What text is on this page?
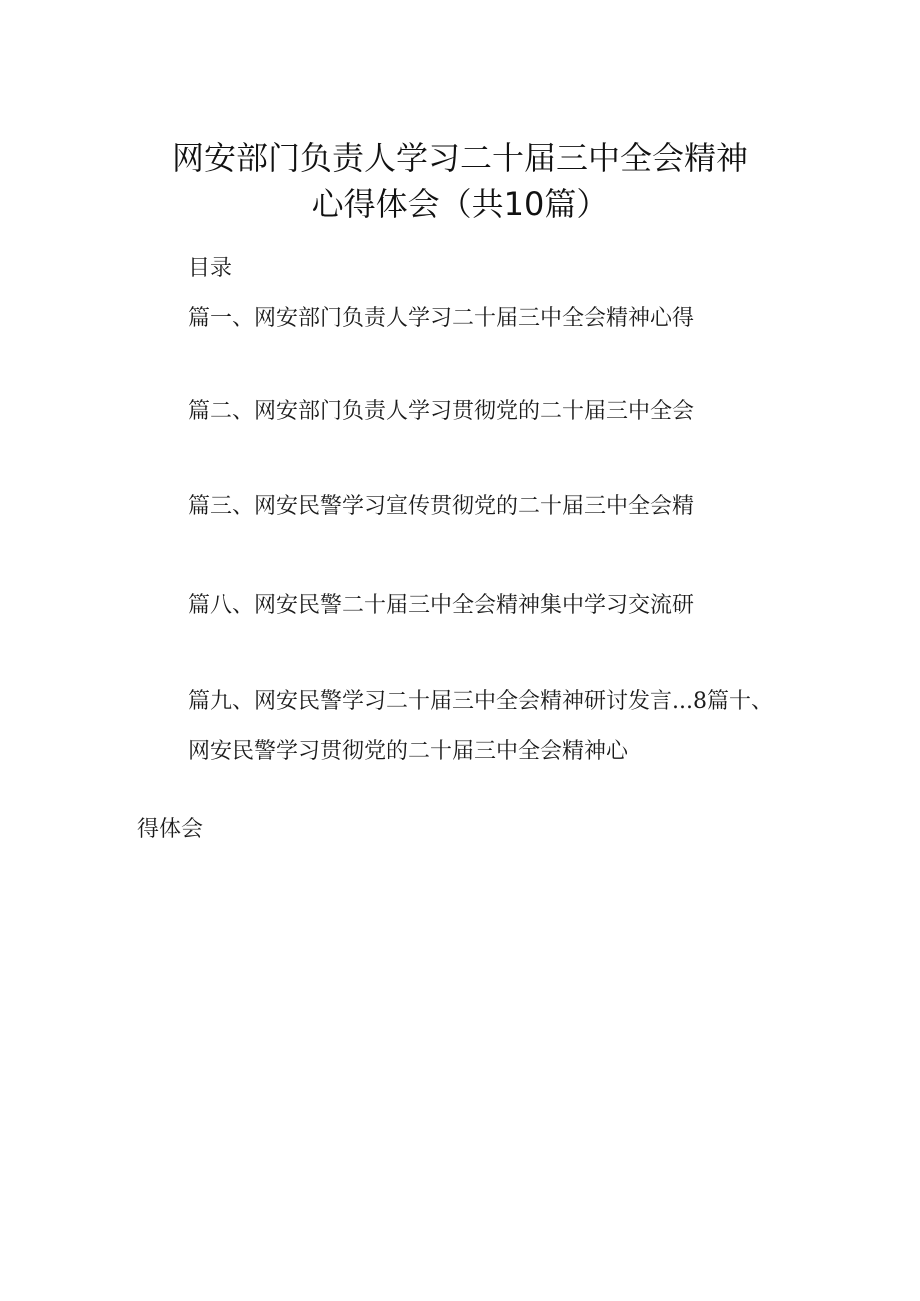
网安部门负责人学习二十届三中全会精神
心得体会（共10篇）
目录
篇一、网安部门负责人学习二十届三中全会精神心得
篇二、网安部门负责人学习贯彻党的二十届三中全会
篇三、网安民警学习宣传贯彻党的二十届三中全会精
篇八、网安民警二十届三中全会精神集中学习交流研
篇九、网安民警学习二十届三中全会精神研讨发言...8篇十、
网安民警学习贯彻党的二十届三中全会精神心
得体会
